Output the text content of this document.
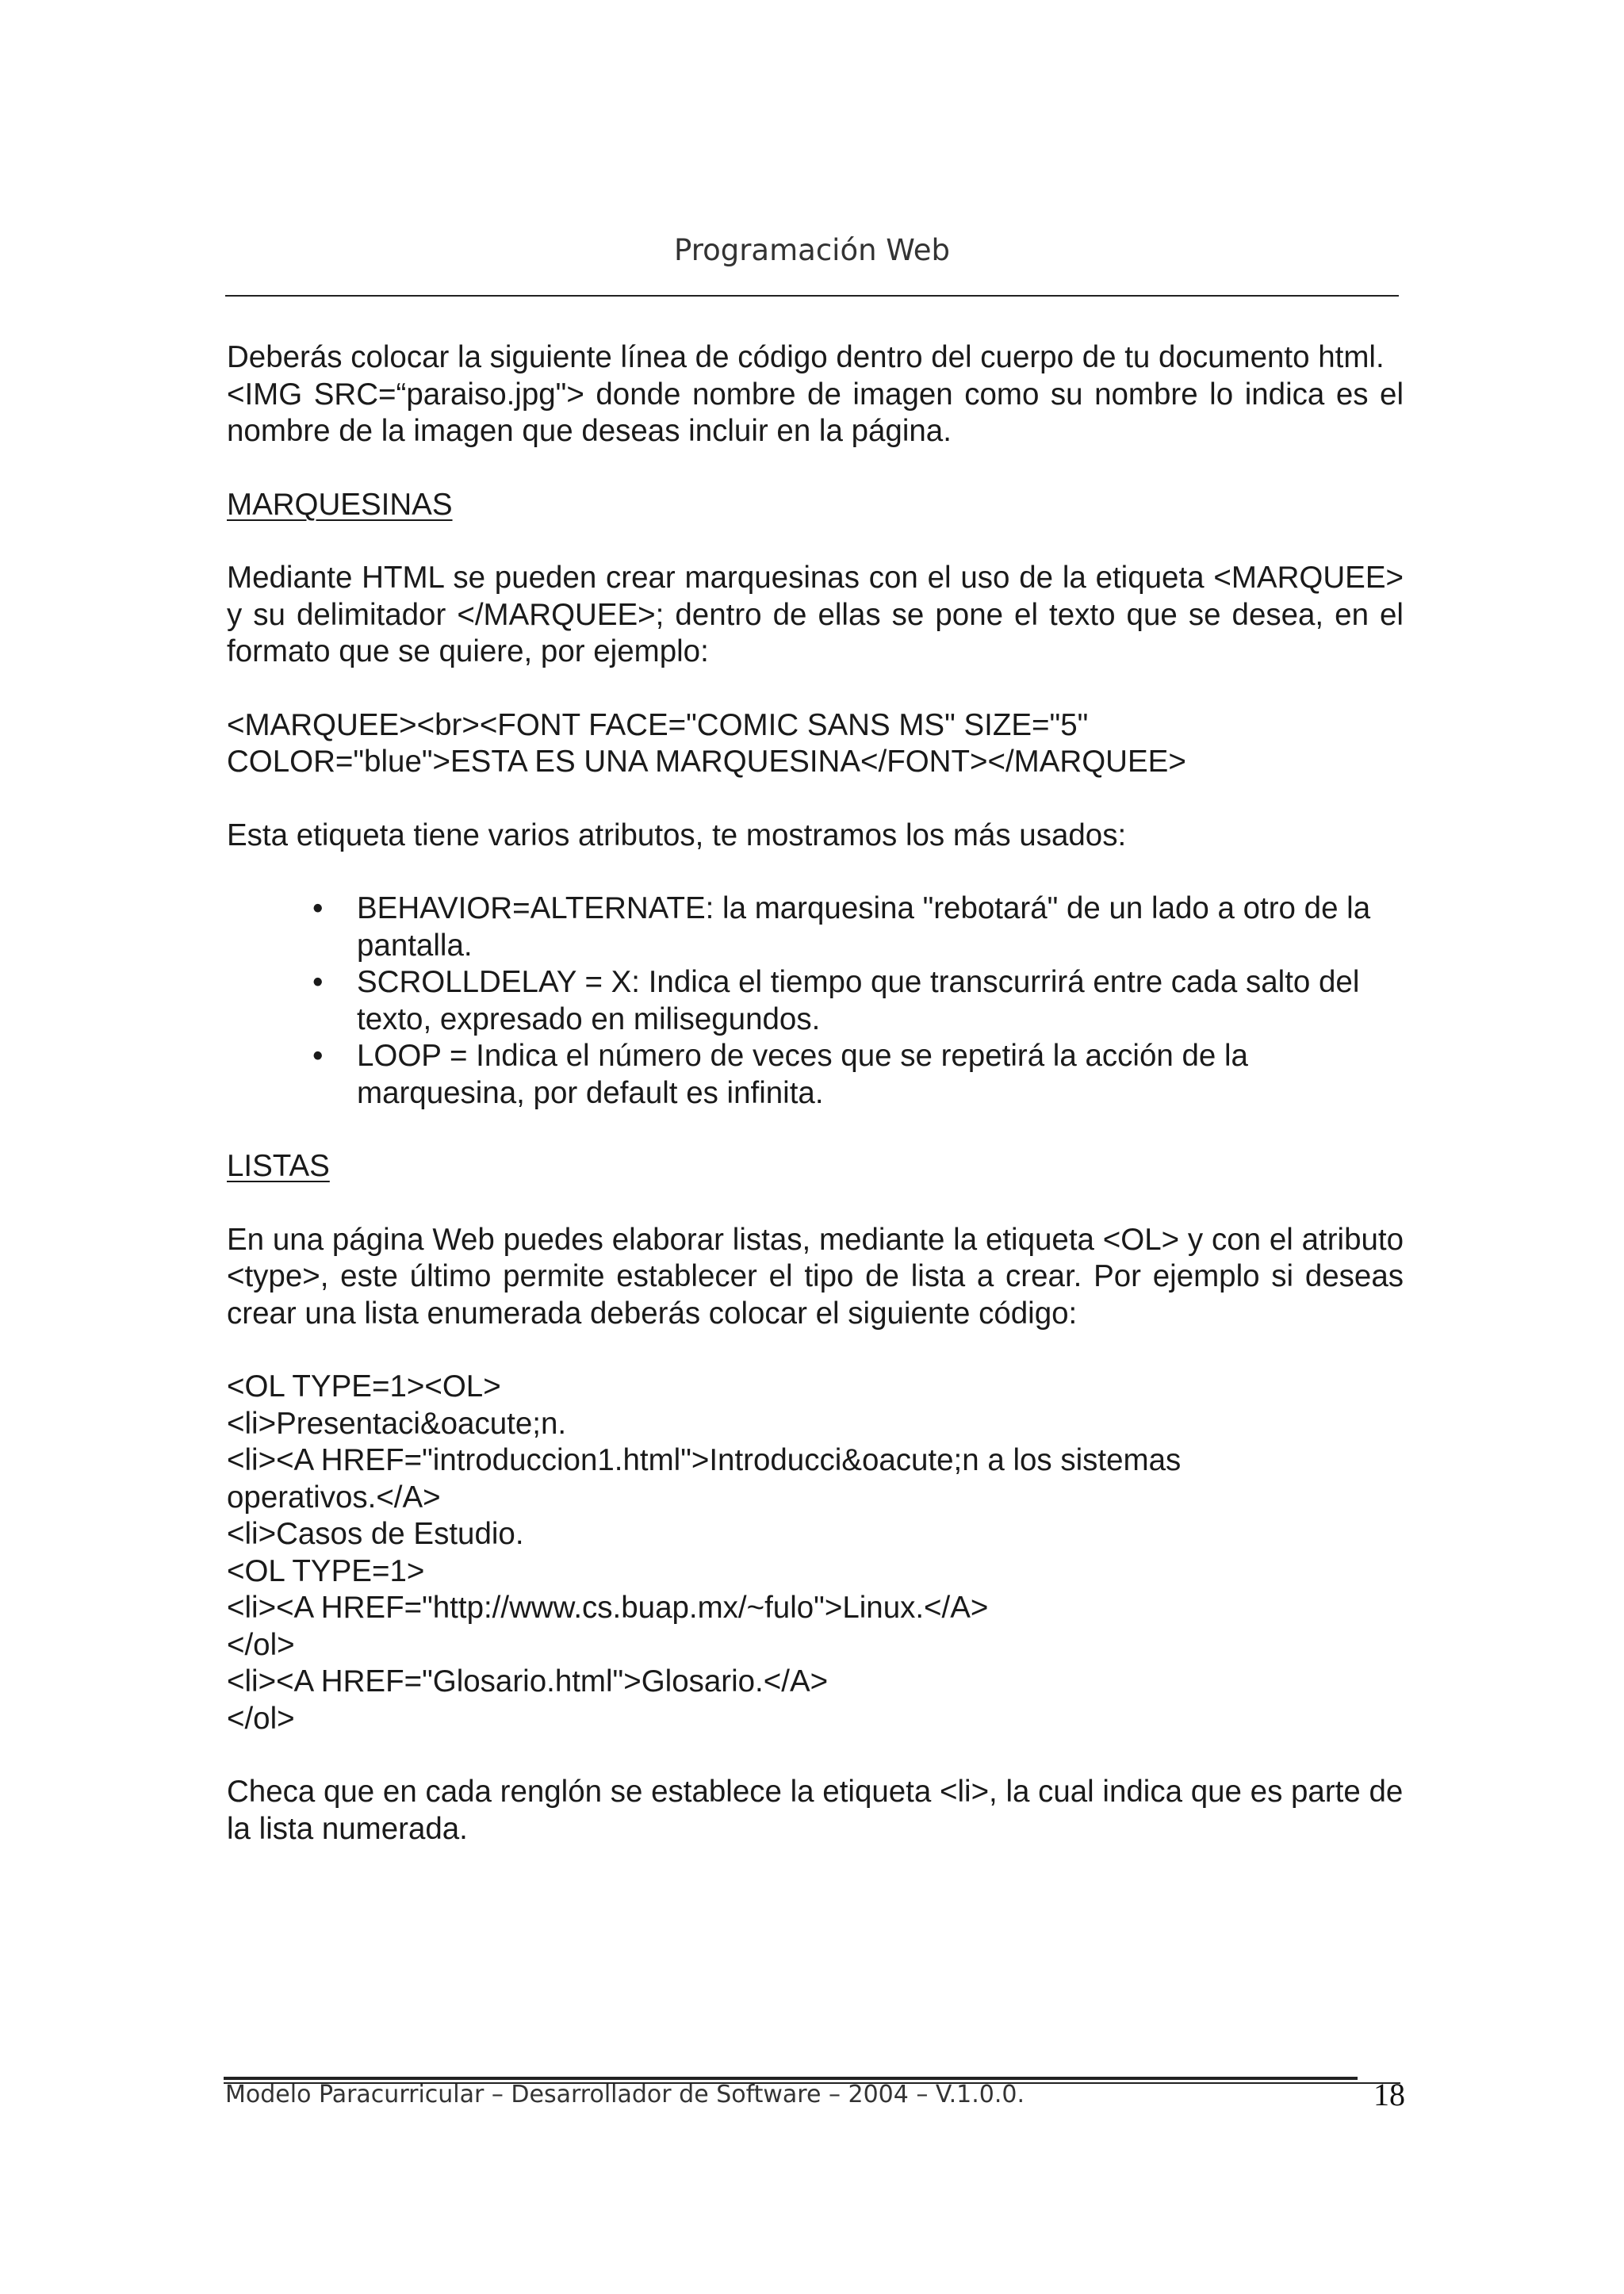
Programación Web

Deberás colocar la siguiente línea de código dentro del cuerpo de tu documento html.

<IMG SRC=“paraiso.jpg"> donde nombre de imagen como su nombre lo indica es el nombre de la imagen que deseas incluir en la página.

MARQUESINAS

Mediante HTML se pueden crear marquesinas con el uso de la etiqueta <MARQUEE> y su delimitador </MARQUEE>; dentro de ellas se pone el texto que se desea, en el formato que se quiere, por ejemplo:

<MARQUEE><br><FONT FACE="COMIC SANS MS" SIZE="5"

COLOR="blue">ESTA ES UNA MARQUESINA</FONT></MARQUEE>

Esta etiqueta tiene varios atributos, te mostramos los más usados:

• BEHAVIOR=ALTERNATE: la marquesina "rebotará" de un lado a otro de la pantalla.
• SCROLLDELAY = X: Indica el tiempo que transcurrirá entre cada salto del texto, expresado en milisegundos.
• LOOP = Indica el número de veces que se repetirá la acción de la marquesina, por default es infinita.

LISTAS

En una página Web puedes elaborar listas, mediante la etiqueta <OL> y con el atributo <type>, este último permite establecer el tipo de lista a crear. Por ejemplo si deseas crear una lista enumerada deberás colocar el siguiente código:

<OL TYPE=1><OL>

<li>Presentaci&oacute;n.

<li><A HREF="introduccion1.html">Introducci&oacute;n a los sistemas

operativos.</A>

<li>Casos de Estudio.

<OL TYPE=1>

<li><A HREF="http://www.cs.buap.mx/~fulo">Linux.</A>

</ol>

<li><A HREF="Glosario.html">Glosario.</A>

</ol>

Checa que en cada renglón se establece la etiqueta <li>, la cual indica que es parte de la lista numerada.

Modelo Paracurricular – Desarrollador de Software – 2004 – V.1.0.0.	18
